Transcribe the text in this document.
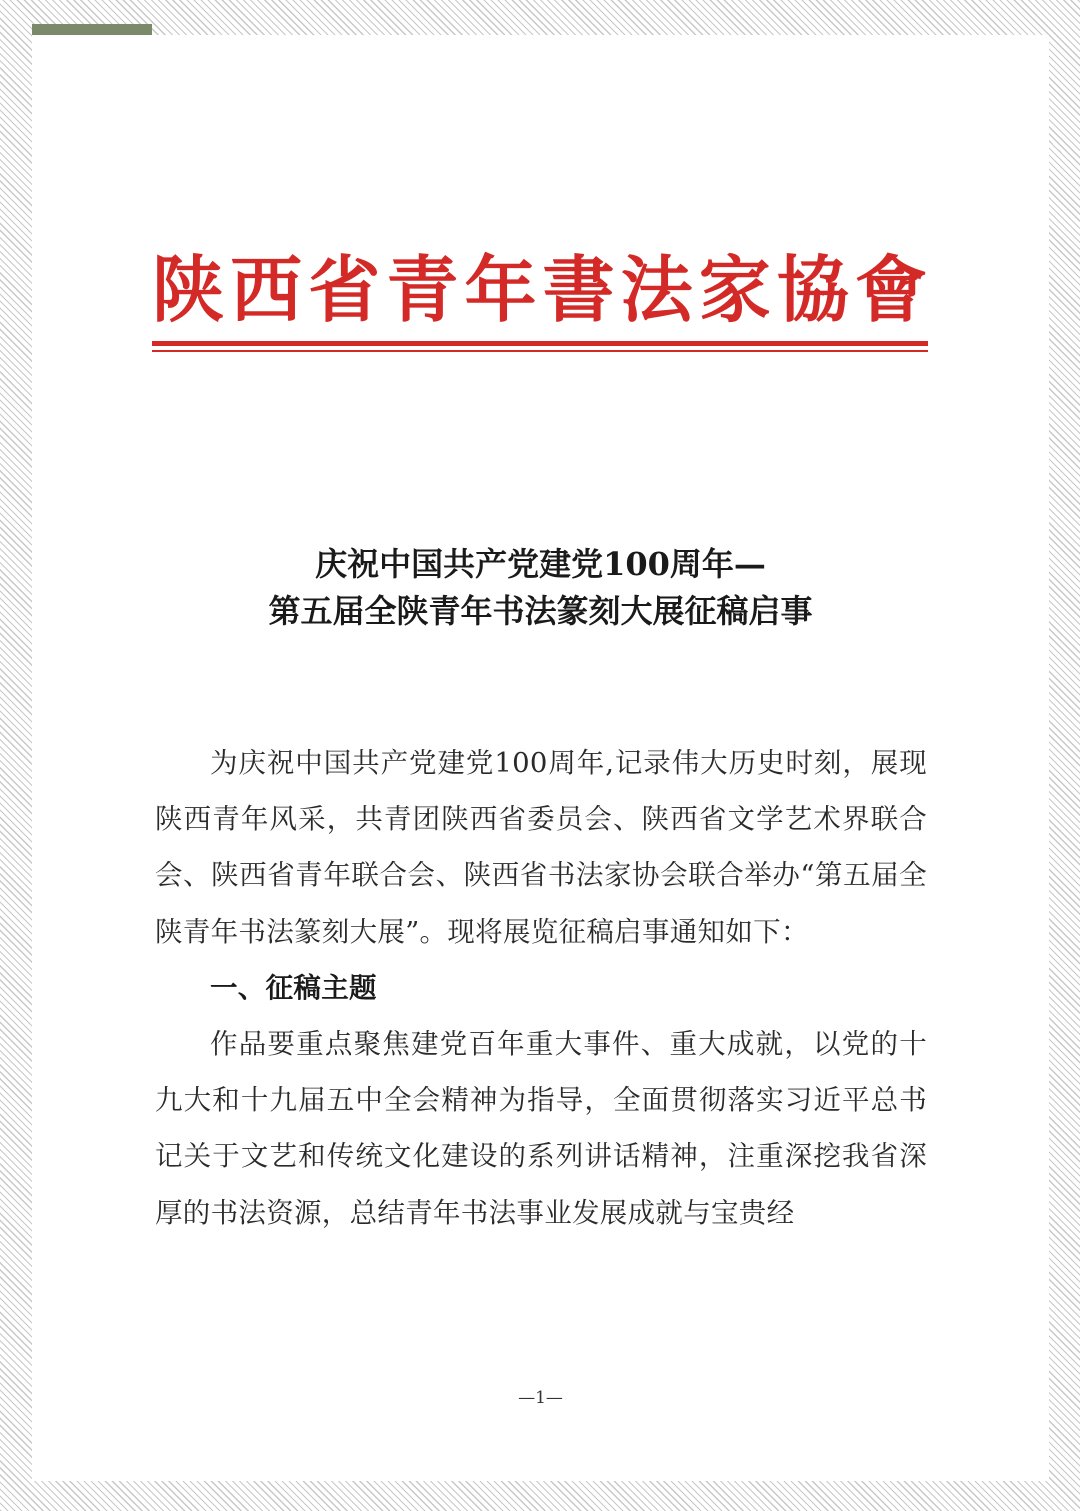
陕 西 省 青 年 書 法 家 協 會
庆祝中国共产党建党100周年—
第五届全陕青年书法篆刻大展征稿启事

为庆祝中国共产党建党100周年,记录伟大历史时刻，展现陕西青年风采，共青团陕西省委员会、陕西省文学艺术界联合会、陕西省青年联合会、陕西省书法家协会联合举办“第五届全陕青年书法篆刻大展”。现将展览征稿启事通知如下：

一、征稿主题

作品要重点聚焦建党百年重大事件、重大成就，以党的十九大和十九届五中全会精神为指导，全面贯彻落实习近平总书记关于文艺和传统文化建设的系列讲话精神，注重深挖我省深厚的书法资源，总结青年书法事业发展成就与宝贵经

—1—
